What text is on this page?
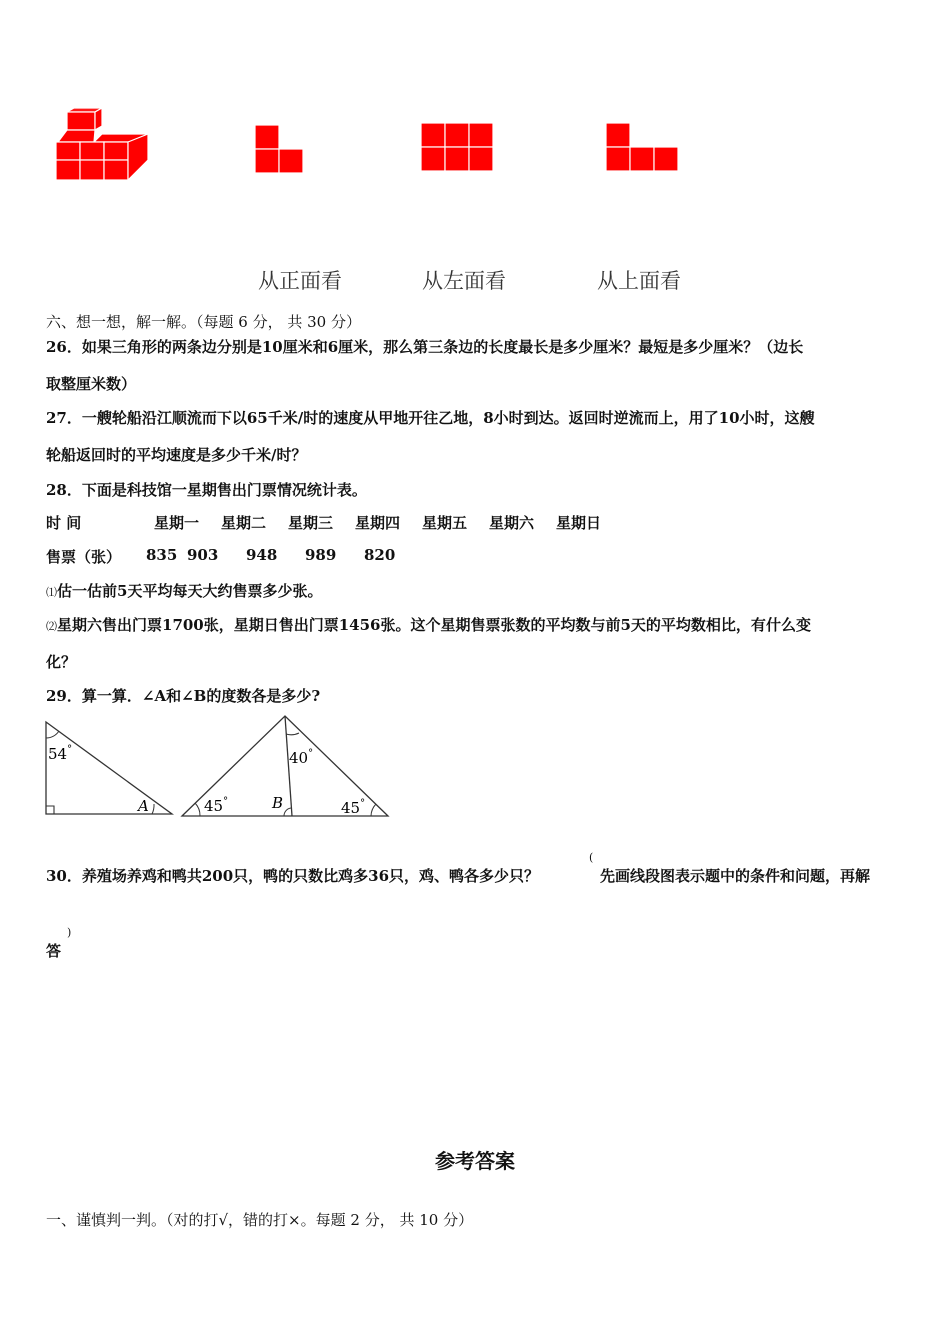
从正面看	从左面看	从上面看
六、想一想，解一解。（每题 6 分， 共 30 分）
26．如果三角形的两条边分别是10厘米和6厘米，那么第三条边的长度最长是多少厘米？最短是多少厘米？（边长
取整厘米数）
27．一艘轮船沿江顺流而下以65千米/时的速度从甲地开往乙地，8小时到达。返回时逆流而上，用了10小时，这艘
轮船返回时的平均速度是多少千米/时？
28．下面是科技馆一星期售出门票情况统计表。
时 间	星期一 星期二 星期三 星期四 星期五 星期六 星期日
售票（张） 835 903 948 989 820
⑴估一估前5天平均每天大约售票多少张。
⑵星期六售出门票1700张，星期日售出门票1456张。这个星期售票张数的平均数与前5天的平均数相比，有什么变
化？
29．算一算．∠A和∠B的度数各是多少?
54°
A	45°
40°
45°
B
30．养殖场养鸡和鸭共200只，鸭的只数比鸡多36只，鸡、鸭各多少只？
(
先画线段图表示题中的条件和问题，再解
答
)
参考答案
一、谨慎判一判。（对的打√，错的打×。每题 2 分， 共 10 分）
